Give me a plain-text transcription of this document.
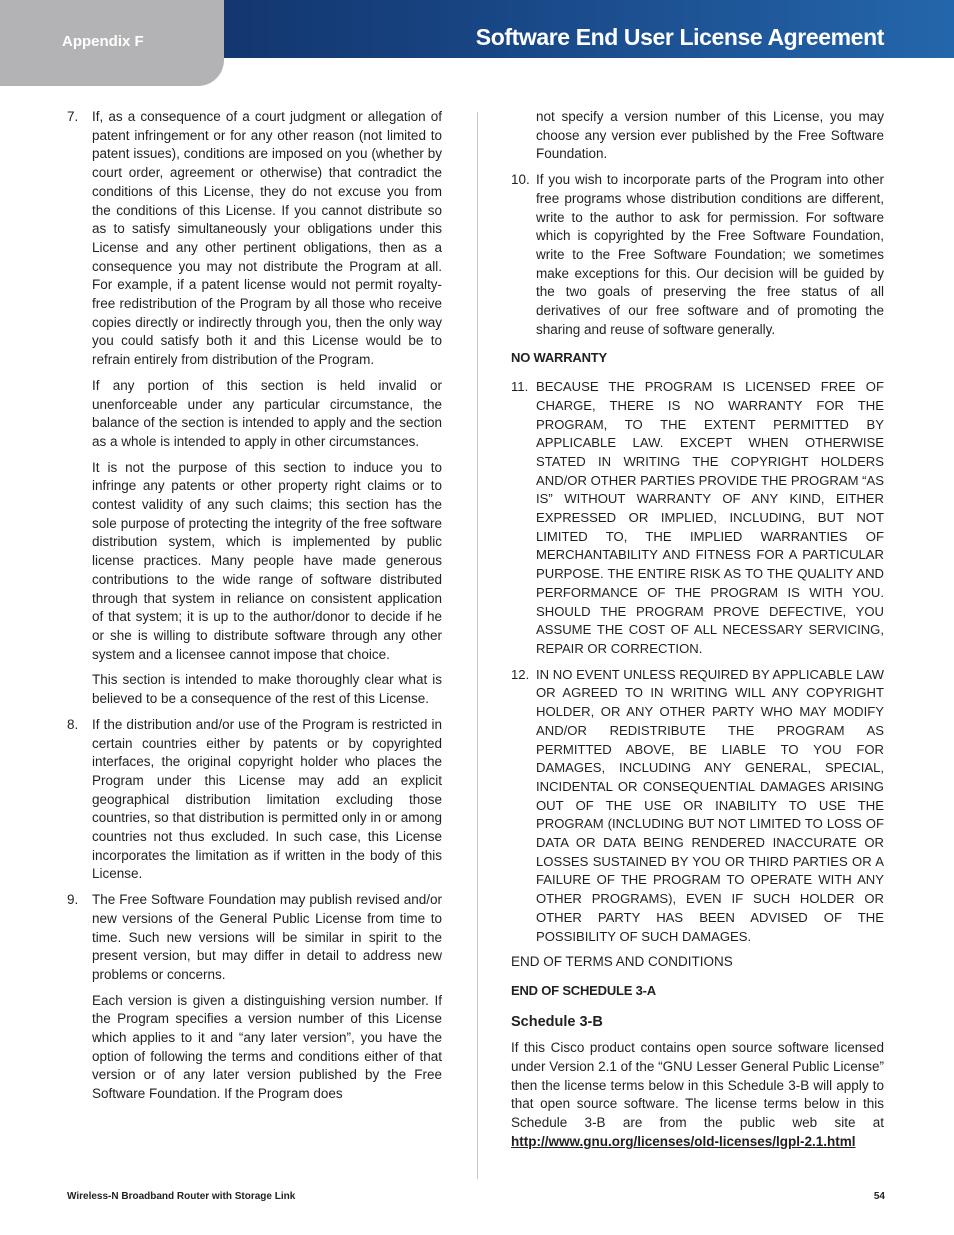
Appendix F	Software End User License Agreement
7. If, as a consequence of a court judgment or allegation of patent infringement or for any other reason (not limited to patent issues), conditions are imposed on you (whether by court order, agreement or otherwise) that contradict the conditions of this License, they do not excuse you from the conditions of this License. If you cannot distribute so as to satisfy simultaneously your obligations under this License and any other pertinent obligations, then as a consequence you may not distribute the Program at all. For example, if a patent license would not permit royalty-free redistribution of the Program by all those who receive copies directly or indirectly through you, then the only way you could satisfy both it and this License would be to refrain entirely from distribution of the Program.

If any portion of this section is held invalid or unenforceable under any particular circumstance, the balance of the section is intended to apply and the section as a whole is intended to apply in other circumstances.

It is not the purpose of this section to induce you to infringe any patents or other property right claims or to contest validity of any such claims; this section has the sole purpose of protecting the integrity of the free software distribution system, which is implemented by public license practices. Many people have made generous contributions to the wide range of software distributed through that system in reliance on consistent application of that system; it is up to the author/donor to decide if he or she is willing to distribute software through any other system and a licensee cannot impose that choice.

This section is intended to make thoroughly clear what is believed to be a consequence of the rest of this License.

8. If the distribution and/or use of the Program is restricted in certain countries either by patents or by copyrighted interfaces, the original copyright holder who places the Program under this License may add an explicit geographical distribution limitation excluding those countries, so that distribution is permitted only in or among countries not thus excluded. In such case, this License incorporates the limitation as if written in the body of this License.

9. The Free Software Foundation may publish revised and/or new versions of the General Public License from time to time. Such new versions will be similar in spirit to the present version, but may differ in detail to address new problems or concerns.

Each version is given a distinguishing version number. If the Program specifies a version number of this License which applies to it and “any later version”, you have the option of following the terms and conditions either of that version or of any later version published by the Free Software Foundation. If the Program does

not specify a version number of this License, you may choose any version ever published by the Free Software Foundation.

10. If you wish to incorporate parts of the Program into other free programs whose distribution conditions are different, write to the author to ask for permission. For software which is copyrighted by the Free Software Foundation, write to the Free Software Foundation; we sometimes make exceptions for this. Our decision will be guided by the two goals of preserving the free status of all derivatives of our free software and of promoting the sharing and reuse of software generally.

NO WARRANTY
11. BECAUSE THE PROGRAM IS LICENSED FREE OF CHARGE, THERE IS NO WARRANTY FOR THE PROGRAM, TO THE EXTENT PERMITTED BY APPLICABLE LAW. EXCEPT WHEN OTHERWISE STATED IN WRITING THE COPYRIGHT HOLDERS AND/OR OTHER PARTIES PROVIDE THE PROGRAM “AS IS” WITHOUT WARRANTY OF ANY KIND, EITHER EXPRESSED OR IMPLIED, INCLUDING, BUT NOT LIMITED TO, THE IMPLIED WARRANTIES OF MERCHANTABILITY AND FITNESS FOR A PARTICULAR PURPOSE. THE ENTIRE RISK AS TO THE QUALITY AND PERFORMANCE OF THE PROGRAM IS WITH YOU. SHOULD THE PROGRAM PROVE DEFECTIVE, YOU ASSUME THE COST OF ALL NECESSARY SERVICING, REPAIR OR CORRECTION.

12. IN NO EVENT UNLESS REQUIRED BY APPLICABLE LAW OR AGREED TO IN WRITING WILL ANY COPYRIGHT HOLDER, OR ANY OTHER PARTY WHO MAY MODIFY AND/OR REDISTRIBUTE THE PROGRAM AS PERMITTED ABOVE, BE LIABLE TO YOU FOR DAMAGES, INCLUDING ANY GENERAL, SPECIAL, INCIDENTAL OR CONSEQUENTIAL DAMAGES ARISING OUT OF THE USE OR INABILITY TO USE THE PROGRAM (INCLUDING BUT NOT LIMITED TO LOSS OF DATA OR DATA BEING RENDERED INACCURATE OR LOSSES SUSTAINED BY YOU OR THIRD PARTIES OR A FAILURE OF THE PROGRAM TO OPERATE WITH ANY OTHER PROGRAMS), EVEN IF SUCH HOLDER OR OTHER PARTY HAS BEEN ADVISED OF THE POSSIBILITY OF SUCH DAMAGES.

END OF TERMS AND CONDITIONS

END OF SCHEDULE 3-A
Schedule 3-B

If this Cisco product contains open source software licensed under Version 2.1 of the “GNU Lesser General Public License” then the license terms below in this Schedule 3-B will apply to that open source software. The license terms below in this Schedule 3-B are from the public web site at http://www.gnu.org/licenses/old-licenses/lgpl-2.1.html

Wireless-N Broadband Router with Storage Link	54
